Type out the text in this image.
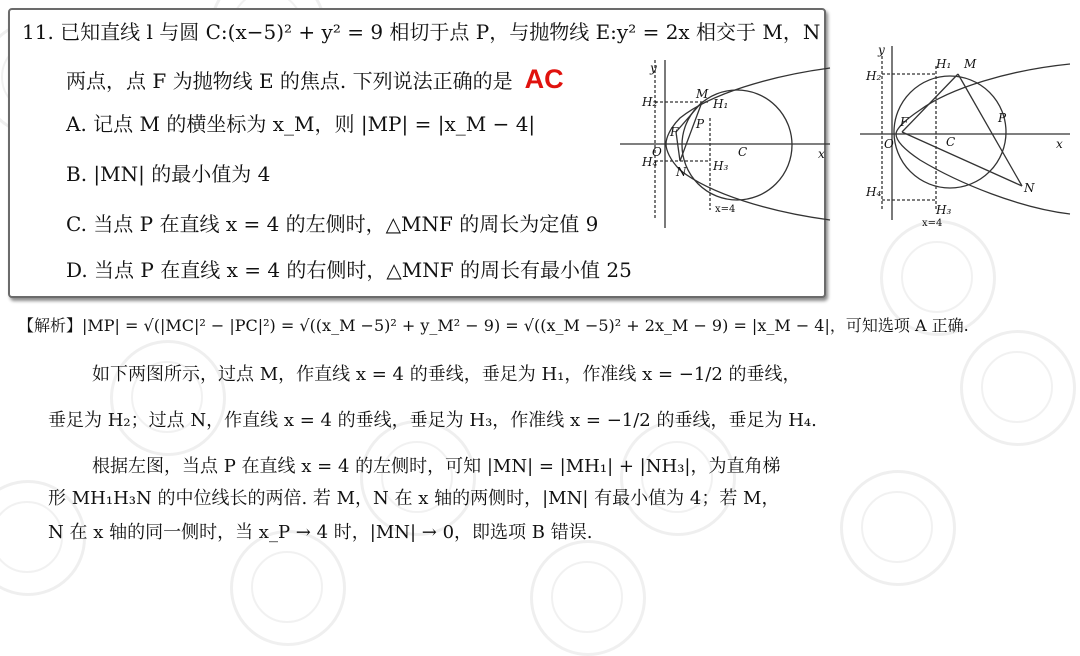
11. 已知直线 l 与圆 C:(x−5)² + y² = 9 相切于点 P，与抛物线 E:y² = 2x 相交于 M，N
两点，点 F 为抛物线 E 的焦点. 下列说法正确的是 AC
A. 记点 M 的横坐标为 x_M，则 |MP| = |x_M − 4|
B. |MN| 的最小值为 4
C. 当点 P 在直线 x = 4 的左侧时，△MNF 的周长为定值 9
D. 当点 P 在直线 x = 4 的右侧时，△MNF 的周长有最小值 25
y
H₂
M
H₁
P
F
O	C	x
H₄
N H₃
x=4
y
H₂
H₁ M
F
O	C
P
x
N
H₄
H₃
x=4
【解析】|MP| = √(|MC|² − |PC|²) = √((x_M −5)² + y_M² − 9) = √((x_M −5)² + 2x_M − 9) = |x_M − 4|，可知选项 A 正确.
如下两图所示，过点 M，作直线 x = 4 的垂线，垂足为 H₁，作准线 x = −1/2 的垂线，
垂足为 H₂；过点 N，作直线 x = 4 的垂线，垂足为 H₃，作准线 x = −1/2 的垂线，垂足为 H₄.
根据左图，当点 P 在直线 x = 4 的左侧时，可知 |MN| = |MH₁| + |NH₃|，为直角梯
形 MH₁H₃N 的中位线长的两倍. 若 M，N 在 x 轴的两侧时，|MN| 有最小值为 4；若 M，
N 在 x 轴的同一侧时，当 x_P → 4 时，|MN| → 0，即选项 B 错误.
